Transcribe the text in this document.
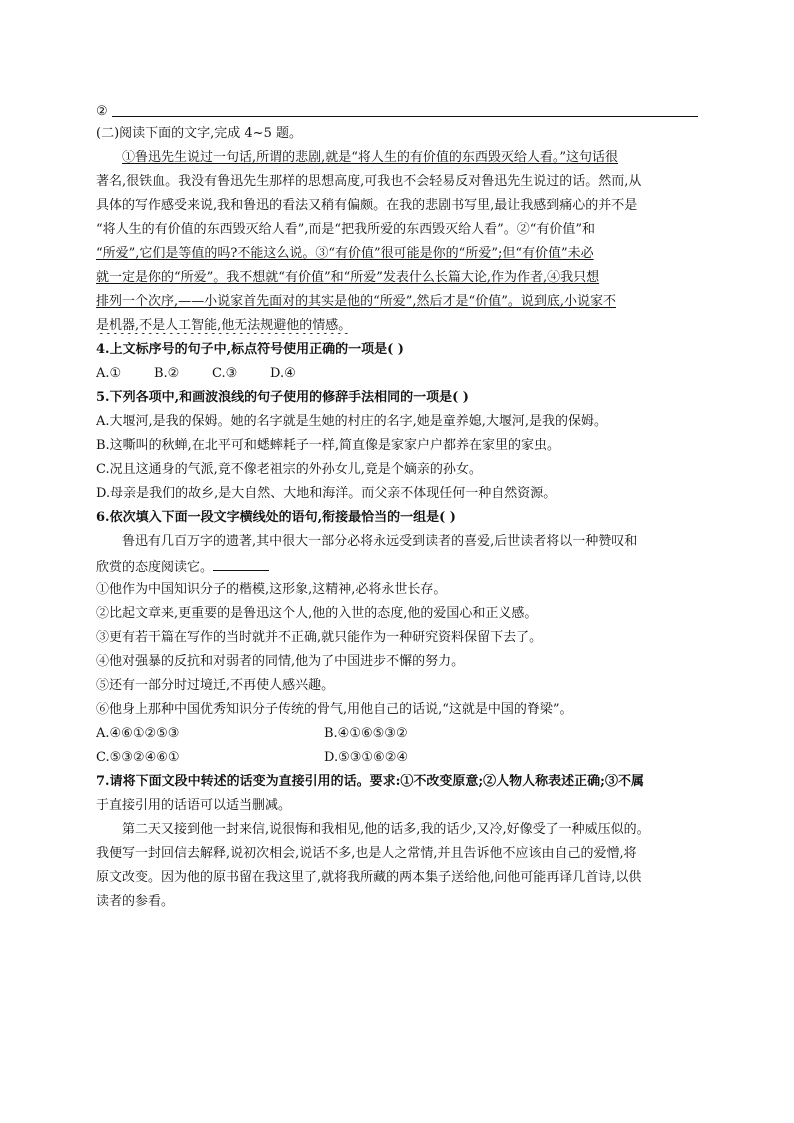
②
(二)阅读下面的文字,完成 4~5 题。
①鲁迅先生说过一句话,所谓的悲剧,就是“将人生的有价值的东西毁灭给人看。”这句话很
著名,很铁血。我没有鲁迅先生那样的思想高度,可我也不会轻易反对鲁迅先生说过的话。然而,从
具体的写作感受来说,我和鲁迅的看法又稍有偏颇。在我的悲剧书写里,最让我感到痛心的并不是
“将人生的有价值的东西毁灭给人看”,而是“把我所爱的东西毁灭给人看”。②“有价值”和
“所爱”,它们是等值的吗?不能这么说。③“有价值”很可能是你的“所爱”;但“有价值”未必
就一定是你的“所爱”。我不想就“有价值”和“所爱”发表什么长篇大论,作为作者,④我只想
排列一个次序,——小说家首先面对的其实是他的“所爱”,然后才是“价值”。说到底,小说家不
是机器,不是人工智能,他无法规避他的情感。
4.上文标序号的句子中,标点符号使用正确的一项是( )
A.①	B.②	C.③	D.④
5.下列各项中,和画波浪线的句子使用的修辞手法相同的一项是( )
A.大堰河,是我的保姆。她的名字就是生她的村庄的名字,她是童养媳,大堰河,是我的保姆。
B.这嘶叫的秋蝉,在北平可和蟋蟀耗子一样,简直像是家家户户都养在家里的家虫。
C.况且这通身的气派,竟不像老祖宗的外孙女儿,竟是个嫡亲的孙女。
D.母亲是我们的故乡,是大自然、大地和海洋。而父亲不体现任何一种自然资源。
6.依次填入下面一段文字横线处的语句,衔接最恰当的一组是( )
鲁迅有几百万字的遗著,其中很大一部分必将永远受到读者的喜爱,后世读者将以一种赞叹和
欣赏的态度阅读它。
①他作为中国知识分子的楷模,这形象,这精神,必将永世长存。
②比起文章来,更重要的是鲁迅这个人,他的入世的态度,他的爱国心和正义感。
③更有若干篇在写作的当时就并不正确,就只能作为一种研究资料保留下去了。
④他对强暴的反抗和对弱者的同情,他为了中国进步不懈的努力。
⑤还有一部分时过境迁,不再使人感兴趣。
⑥他身上那种中国优秀知识分子传统的骨气,用他自己的话说,“这就是中国的脊梁”。
A.④⑥①②⑤③	B.④①⑥⑤③②
C.⑤③②④⑥①	D.⑤③①⑥②④
7.请将下面文段中转述的话变为直接引用的话。要求:①不改变原意;②人物人称表述正确;③不属
于直接引用的话语可以适当删减。
第二天又接到他一封来信,说很悔和我相见,他的话多,我的话少,又冷,好像受了一种威压似的。
我便写一封回信去解释,说初次相会,说话不多,也是人之常情,并且告诉他不应该由自己的爱憎,将
原文改变。因为他的原书留在我这里了,就将我所藏的两本集子送给他,问他可能再译几首诗,以供
读者的参看。
